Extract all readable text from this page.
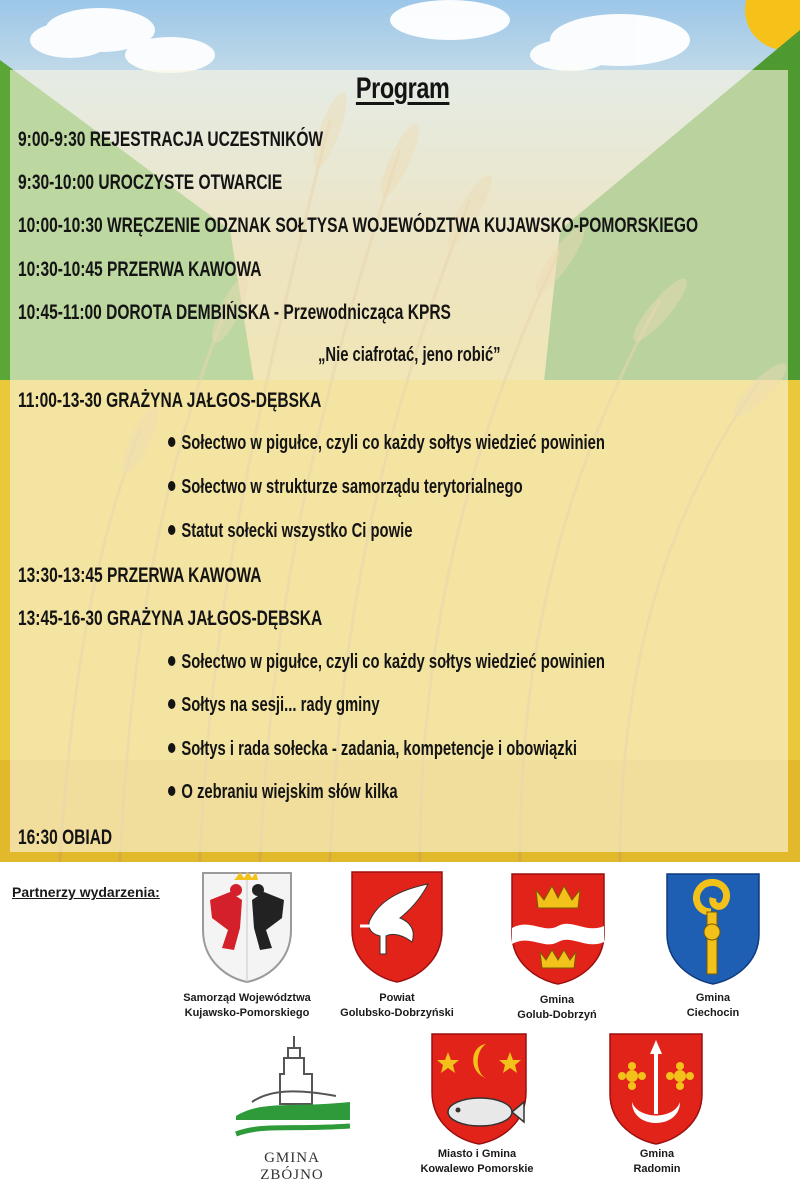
Program
9:00-9:30 REJESTRACJA UCZESTNIKÓW
9:30-10:00 UROCZYSTE OTWARCIE
10:00-10:30 WRĘCZENIE ODZNAK SOŁTYSA WOJEWÓDZTWA KUJAWSKO-POMORSKIEGO
10:30-10:45 PRZERWA KAWOWA
10:45-11:00 DOROTA DEMBIŃSKA - Przewodnicząca KPRS
„Nie ciafrotać, jeno robić”
11:00-13-30 GRAŻYNA JAŁGOS-DĘBSKA
Sołectwo w pigułce, czyli co każdy sołtys wiedzieć powinien
Sołectwo w strukturze samorządu terytorialnego
Statut sołecki wszystko Ci powie
13:30-13:45 PRZERWA KAWOWA
13:45-16-30 GRAŻYNA JAŁGOS-DĘBSKA
Sołectwo w pigułce, czyli co każdy sołtys wiedzieć powinien
Sołtys na sesji... rady gminy
Sołtys i rada sołecka - zadania, kompetencje i obowiązki
O zebraniu wiejskim słów kilka
16:30 OBIAD
Partnerzy wydarzenia:
Samorząd Województwa
Kujawsko-Pomorskiego
Powiat
Golubsko-Dobrzyński
Gmina
Golub-Dobrzyń
Gmina
Ciechocin
GMINA ZBÓJNO
Miasto i Gmina
Kowalewo Pomorskie
Gmina
Radomin
